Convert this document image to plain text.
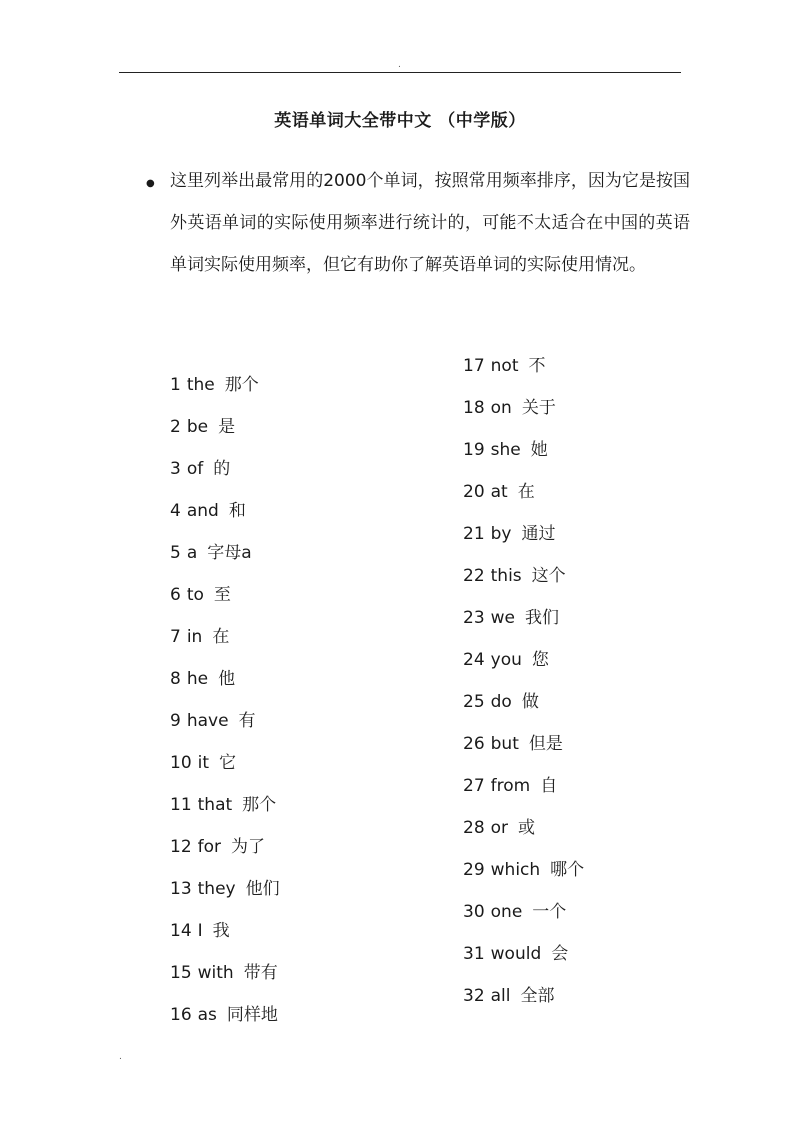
.
英语单词大全带中文 （中学版）
● 这里列举出最常用的2000个单词，按照常用频率排序，因为它是按国外英语单词的实际使用频率进行统计的，可能不太适合在中国的英语单词实际使用频率，但它有助你了解英语单词的实际使用情况。

1 the 那个
2 be 是
3 of 的
4 and 和
5 a 字母a
6 to 至
7 in 在
8 he 他
9 have 有
10 it 它
11 that 那个
12 for 为了
13 they 他们
14 I 我
15 with 带有
16 as 同样地
17 not 不
18 on 关于
19 she 她
20 at 在
21 by 通过
22 this 这个
23 we 我们
24 you 您
25 do 做
26 but 但是
27 from 自
28 or 或
29 which 哪个
30 one 一个
31 would 会
32 all 全部
.
